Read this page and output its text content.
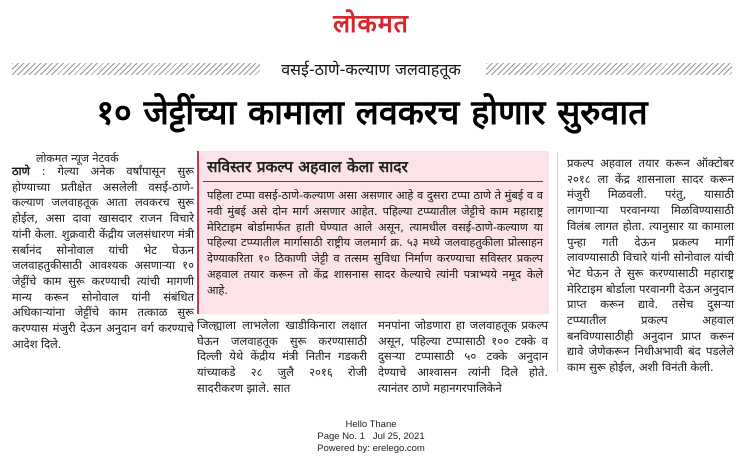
लोकमत
वसई-ठाणे-कल्याण जलवाहतूक
१० जेट्टींच्या कामाला लवकरच होणार सुरुवात
लोकमत न्यूज नेटवर्क
ठाणे : गेल्या अनेक वर्षांपासून सुरू होण्याच्या प्रतीक्षेत असलेली वसई-ठाणे-कल्याण जलवाहतूक आता लवकरच सुरू होईल, असा दावा खासदार राजन विचारे यांनी केला. शुक्रवारी केंद्रीय जलसंधारण मंत्री सर्बानंद सोनोवाल यांची भेट घेऊन जलवाहतुकीसाठी आवश्यक असणाऱ्या १० जेट्टींचे काम सुरू करण्याची त्यांची मागणी मान्य करून सोनोवाल यांनी संबंधित अधिकाऱ्यांना जेट्टींचे काम तत्काळ सुरू करण्यास मंजुरी देऊन अनुदान वर्ग करण्याचे आदेश दिले.
सविस्तर प्रकल्प अहवाल केला सादर
पहिला टप्पा वसई-ठाणे-कल्याण असा असणार आहे व दुसरा टप्पा ठाणे ते मुंबई व व नवी मुंबई असे दोन मार्ग असणार आहेत. पहिल्या टप्प्यातील जेट्टीचे काम महाराष्ट्र मेरिटाइम बोर्डामार्फत हाती घेण्यात आले असून, त्यामधील वसई-ठाणे-कल्याण या पहिल्या टप्प्यातील मार्गासाठी राष्ट्रीय जलमार्ग क्र. ५३ मध्ये जलवाहतुकीला प्रोत्साहन देण्याकरिता १० ठिकाणी जेट्टी व तत्सम सुविधा निर्माण करण्याचा सविस्तर प्रकल्प अहवाल तयार करून तो केंद्र शासनास सादर केल्याचे त्यांनी पत्राभ्यये नमूद केले आहे.
जिल्ह्याला लाभलेला खाडीकिनारा लक्षात घेऊन जलवाहतूक सुरू करण्यासाठी दिल्ली येथे केंद्रीय मंत्री नितीन गडकरी यांच्याकडे २८ जुलै २०१६ रोजी सादरीकरण झाले. सात
मनपांना जोडणारा हा जलवाहतूक प्रकल्प असून, पहिल्या टप्पासाठी १०० टक्के व दुसऱ्या टप्पासाठी ५० टक्के अनुदान देण्याचे आश्वासन त्यांनी दिले होते. त्यानंतर ठाणे महानगरपालिकेने
प्रकल्प अहवाल तयार करून ऑक्टोबर २०१८ ला केंद्र शासनाला सादर करून मंजुरी मिळवली. परंतु, यासाठी लागणाऱ्या परवानग्या मिळविण्यासाठी विलंब लागत होता. त्यानुसार या कामाला पुन्हा गती देऊन प्रकल्प मार्गी लावण्यासाठी विचारे यांनी सोनोवाल यांची भेट घेऊन ते सुरू करण्यासाठी महाराष्ट्र मेरिटाइम बोर्डाला परवानगी देऊन अनुदान प्राप्त करून द्यावे. तसेच दुसऱ्या टप्प्यातील प्रकल्प अहवाल बनविण्यासाठीही अनुदान प्राप्त करून द्यावे जेणेकरून निधीअभावी बंद पडलेले काम सुरू होईल, अशी विनंती केली.
Hello Thane
Page No. 1 Jul 25, 2021
Powered by: erelego.com
